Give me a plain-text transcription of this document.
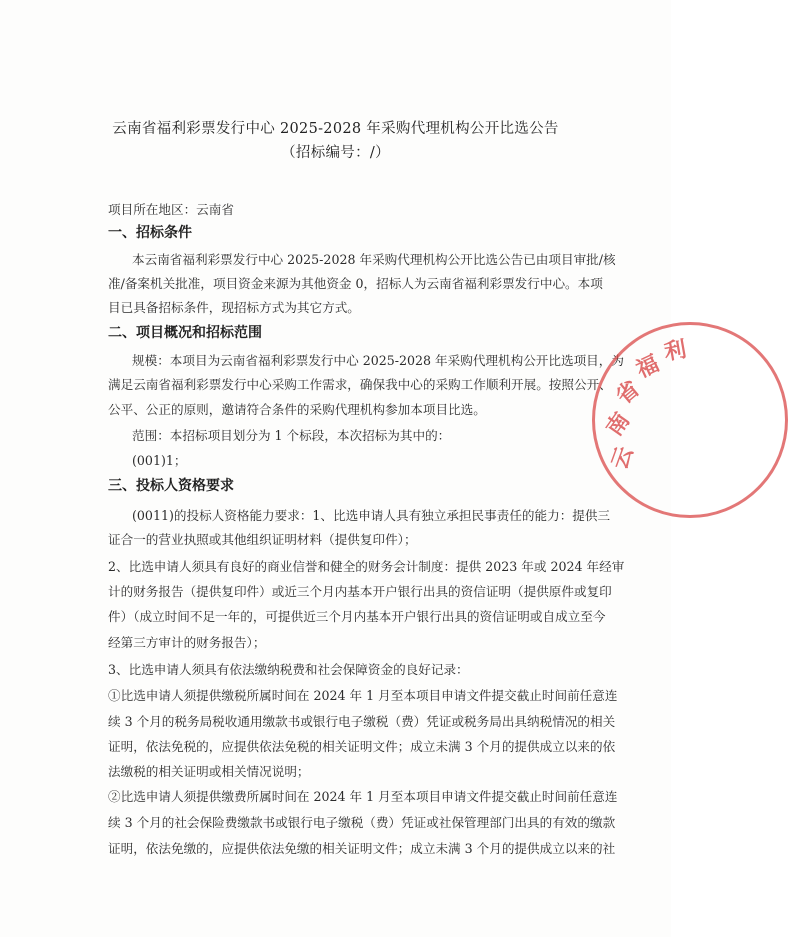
云南省福利彩票发行中心 2025-2028 年采购代理机构公开比选公告
（招标编号：/）
项目所在地区：云南省
一、招标条件
本云南省福利彩票发行中心 2025-2028 年采购代理机构公开比选公告已由项目审批/核
准/备案机关批准，项目资金来源为其他资金 0，招标人为云南省福利彩票发行中心。本项
目已具备招标条件，现招标方式为其它方式。
二、项目概况和招标范围
规模：本项目为云南省福利彩票发行中心 2025-2028 年采购代理机构公开比选项目，为
满足云南省福利彩票发行中心采购工作需求，确保我中心的采购工作顺利开展。按照公开、
公平、公正的原则，邀请符合条件的采购代理机构参加本项目比选。
范围：本招标项目划分为 1 个标段，本次招标为其中的：
(001)1；
三、投标人资格要求
(0011)的投标人资格能力要求：1、比选申请人具有独立承担民事责任的能力：提供三
证合一的营业执照或其他组织证明材料（提供复印件）；
2、比选申请人须具有良好的商业信誉和健全的财务会计制度：提供 2023 年或 2024 年经审
计的财务报告（提供复印件）或近三个月内基本开户银行出具的资信证明（提供原件或复印
件）（成立时间不足一年的，可提供近三个月内基本开户银行出具的资信证明或自成立至今
经第三方审计的财务报告）；
3、比选申请人须具有依法缴纳税费和社会保障资金的良好记录：
①比选申请人须提供缴税所属时间在 2024 年 1 月至本项目申请文件提交截止时间前任意连
续 3 个月的税务局税收通用缴款书或银行电子缴税（费）凭证或税务局出具纳税情况的相关
证明，依法免税的，应提供依法免税的相关证明文件；成立未满 3 个月的提供成立以来的依
法缴税的相关证明或相关情况说明；
②比选申请人须提供缴费所属时间在 2024 年 1 月至本项目申请文件提交截止时间前任意连
续 3 个月的社会保险费缴款书或银行电子缴税（费）凭证或社保管理部门出具的有效的缴款
证明，依法免缴的，应提供依法免缴的相关证明文件；成立未满 3 个月的提供成立以来的社
云
南
省
福 利
